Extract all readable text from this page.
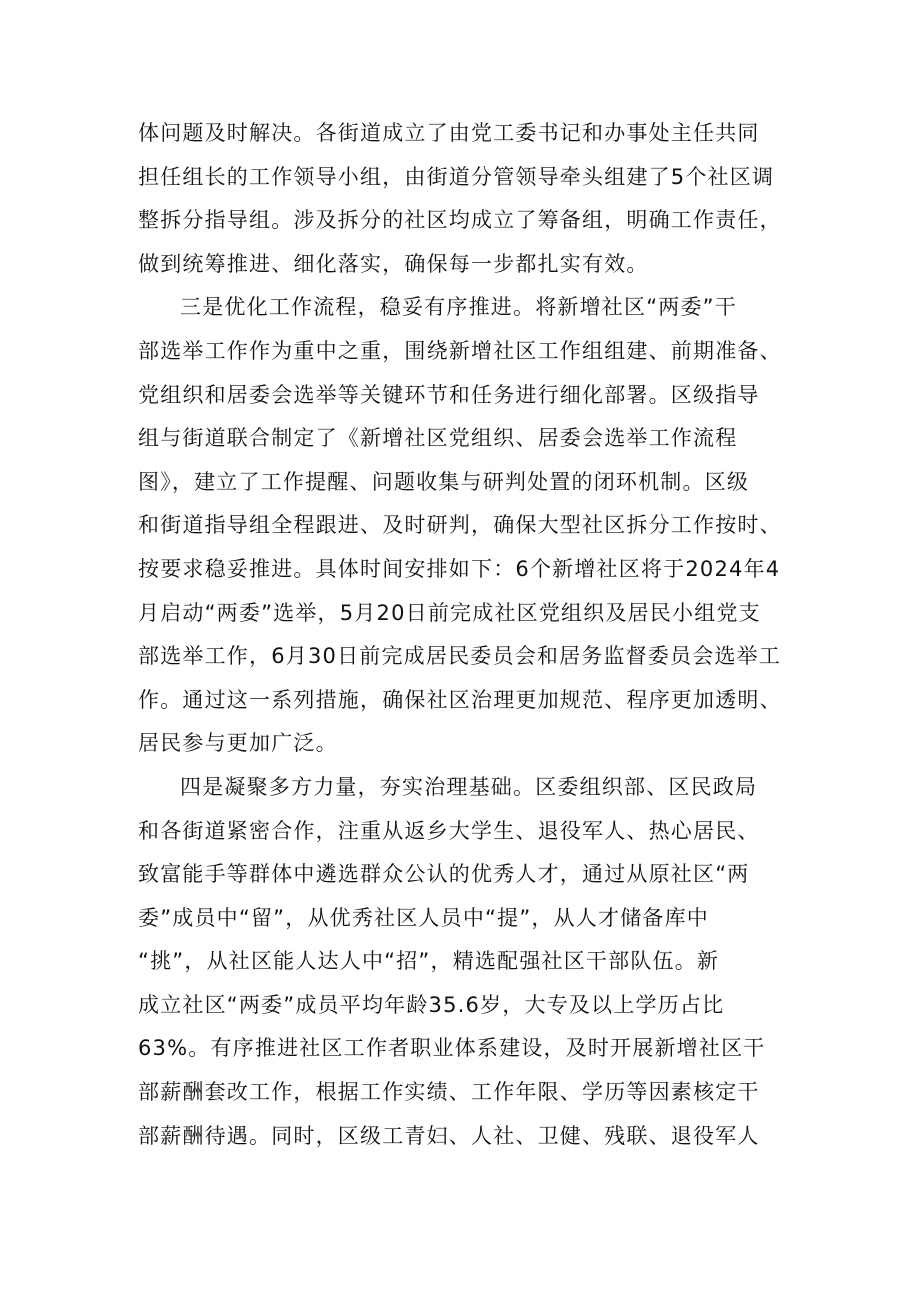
体问题及时解决。各街道成立了由党工委书记和办事处主任共同
担任组长的工作领导小组，由街道分管领导牵头组建了5个社区调
整拆分指导组。涉及拆分的社区均成立了筹备组，明确工作责任，
做到统筹推进、细化落实，确保每一步都扎实有效。
三是优化工作流程，稳妥有序推进。将新增社区“两委”干
部选举工作作为重中之重，围绕新增社区工作组组建、前期准备、
党组织和居委会选举等关键环节和任务进行细化部署。区级指导
组与街道联合制定了《新增社区党组织、居委会选举工作流程
图》，建立了工作提醒、问题收集与研判处置的闭环机制。区级
和街道指导组全程跟进、及时研判，确保大型社区拆分工作按时、
按要求稳妥推进。具体时间安排如下：6个新增社区将于2024年4
月启动“两委”选举，5月20日前完成社区党组织及居民小组党支
部选举工作，6月30日前完成居民委员会和居务监督委员会选举工
作。通过这一系列措施，确保社区治理更加规范、程序更加透明、
居民参与更加广泛。
四是凝聚多方力量，夯实治理基础。区委组织部、区民政局
和各街道紧密合作，注重从返乡大学生、退役军人、热心居民、
致富能手等群体中遴选群众公认的优秀人才，通过从原社区“两
委”成员中“留”，从优秀社区人员中“提”，从人才储备库中
“挑”，从社区能人达人中“招”，精选配强社区干部队伍。新
成立社区“两委”成员平均年龄35.6岁，大专及以上学历占比
63%。有序推进社区工作者职业体系建设，及时开展新增社区干
部薪酬套改工作，根据工作实绩、工作年限、学历等因素核定干
部薪酬待遇。同时，区级工青妇、人社、卫健、残联、退役军人
